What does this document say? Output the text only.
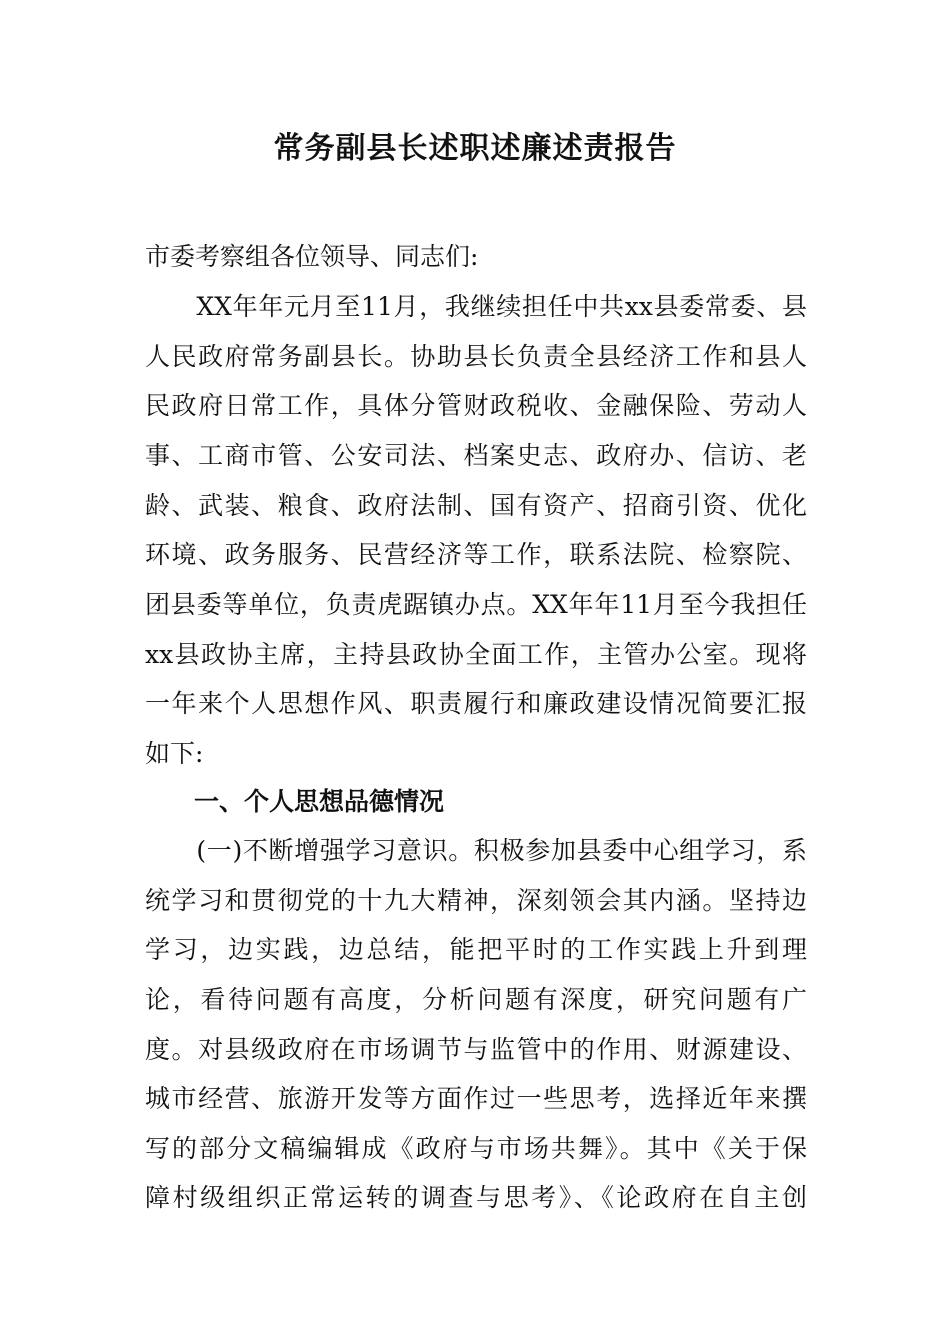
常务副县长述职述廉述责报告
市委考察组各位领导、同志们:
　　XX年年元月至11月，我继续担任中共xx县委常委、县
人民政府常务副县长。协助县长负责全县经济工作和县人
民政府日常工作，具体分管财政税收、金融保险、劳动人
事、工商市管、公安司法、档案史志、政府办、信访、老
龄、武装、粮食、政府法制、国有资产、招商引资、优化
环境、政务服务、民营经济等工作，联系法院、检察院、
团县委等单位，负责虎踞镇办点。XX年年11月至今我担任
xx县政协主席，主持县政协全面工作，主管办公室。现将
一年来个人思想作风、职责履行和廉政建设情况简要汇报
如下:
一、个人思想品德情况
　　(一)不断增强学习意识。积极参加县委中心组学习，系
统学习和贯彻党的十九大精神，深刻领会其内涵。坚持边
学习，边实践，边总结，能把平时的工作实践上升到理
论，看待问题有高度，分析问题有深度，研究问题有广
度。对县级政府在市场调节与监管中的作用、财源建设、
城市经营、旅游开发等方面作过一些思考，选择近年来撰
写的部分文稿编辑成《政府与市场共舞》。其中《关于保
障村级组织正常运转的调查与思考》、《论政府在自主创
